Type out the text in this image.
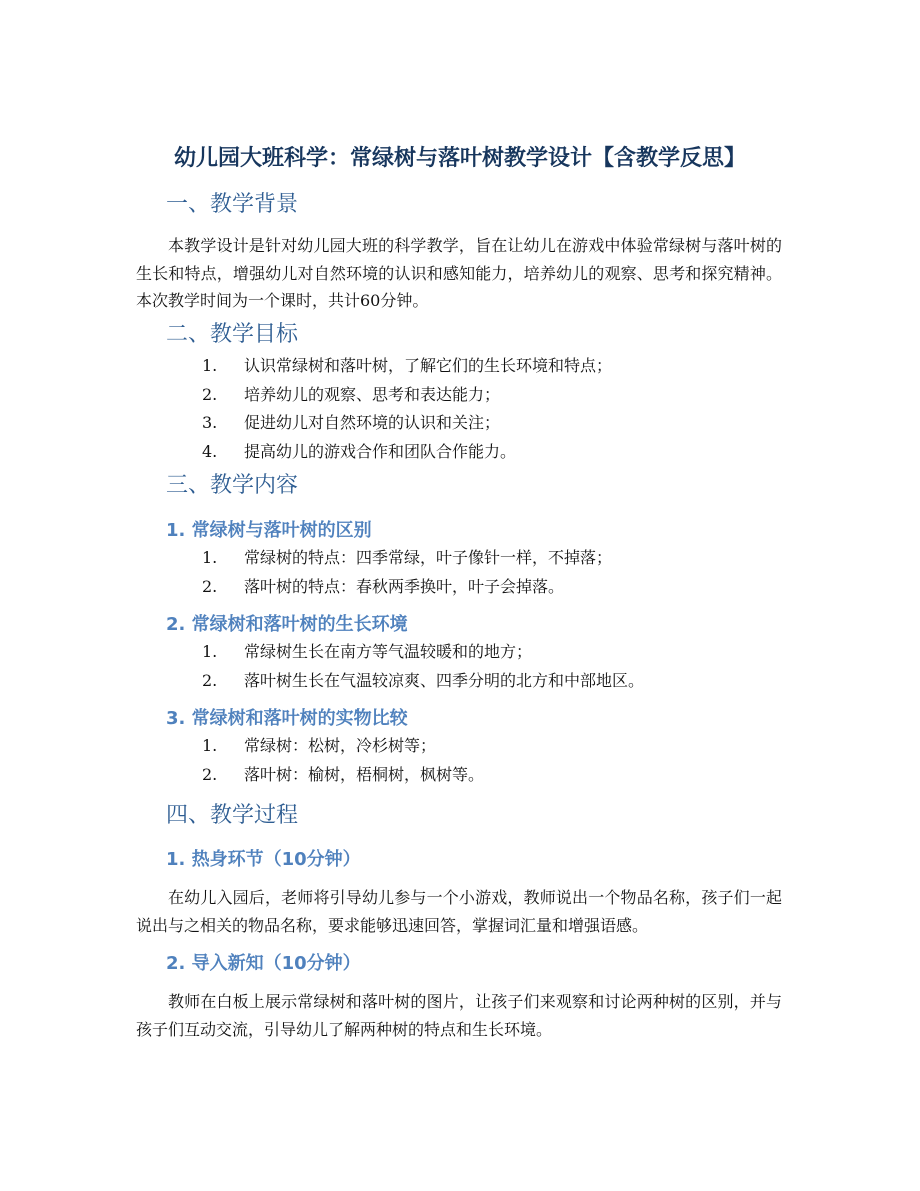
幼儿园大班科学：常绿树与落叶树教学设计【含教学反思】
一、教学背景

本教学设计是针对幼儿园大班的科学教学，旨在让幼儿在游戏中体验常绿树与落叶树的生长和特点，增强幼儿对自然环境的认识和感知能力，培养幼儿的观察、思考和探究精神。本次教学时间为一个课时，共计60分钟。

二、教学目标
1. 认识常绿树和落叶树，了解它们的生长环境和特点；
2. 培养幼儿的观察、思考和表达能力；
3. 促进幼儿对自然环境的认识和关注；
4. 提高幼儿的游戏合作和团队合作能力。
三、教学内容
1. 常绿树与落叶树的区别
1. 常绿树的特点：四季常绿，叶子像针一样，不掉落；
2. 落叶树的特点：春秋两季换叶，叶子会掉落。
2. 常绿树和落叶树的生长环境
1. 常绿树生长在南方等气温较暖和的地方；
2. 落叶树生长在气温较凉爽、四季分明的北方和中部地区。
3. 常绿树和落叶树的实物比较
1. 常绿树：松树，冷杉树等；
2. 落叶树：榆树，梧桐树，枫树等。
四、教学过程
1. 热身环节（10分钟）

在幼儿入园后，老师将引导幼儿参与一个小游戏，教师说出一个物品名称，孩子们一起说出与之相关的物品名称，要求能够迅速回答，掌握词汇量和增强语感。

2. 导入新知（10分钟）

教师在白板上展示常绿树和落叶树的图片，让孩子们来观察和讨论两种树的区别，并与孩子们互动交流，引导幼儿了解两种树的特点和生长环境。
